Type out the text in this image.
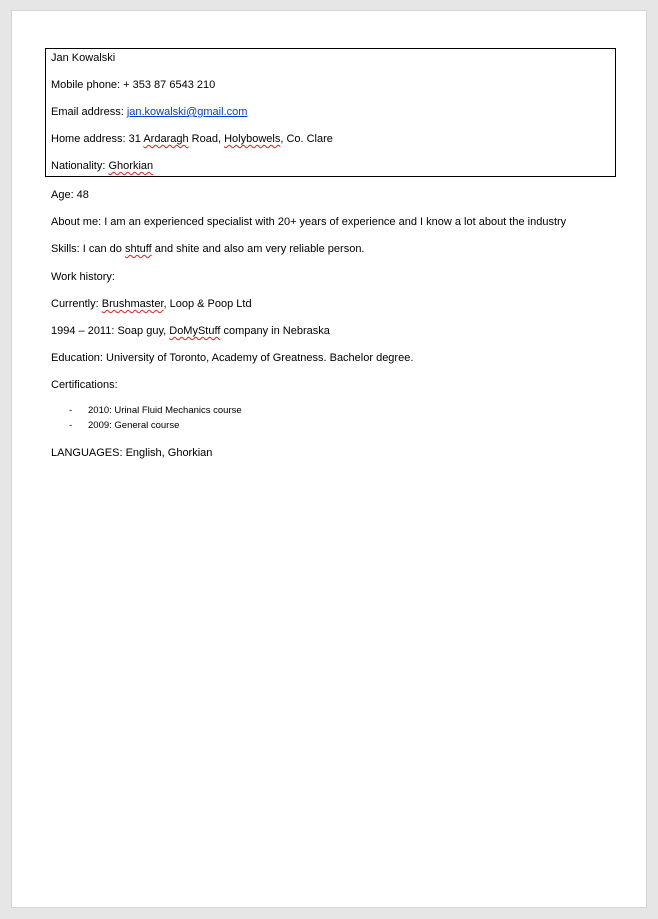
Jan Kowalski
Mobile phone: + 353 87 6543 210
Email address: jan.kowalski@gmail.com
Home address: 31 Ardaragh Road, Holybowels, Co. Clare
Nationality: Ghorkian
Age: 48
About me: I am an experienced specialist with 20+ years of experience and I know a lot about the industry
Skills: I can do shtuff and shite and also am very reliable person.
Work history:
Currently: Brushmaster, Loop & Poop Ltd
1994 – 2011: Soap guy, DoMyStuff company in Nebraska
Education: University of Toronto, Academy of Greatness. Bachelor degree.
Certifications:
- 2010: Urinal Fluid Mechanics course
- 2009: General course
LANGUAGES: English, Ghorkian
